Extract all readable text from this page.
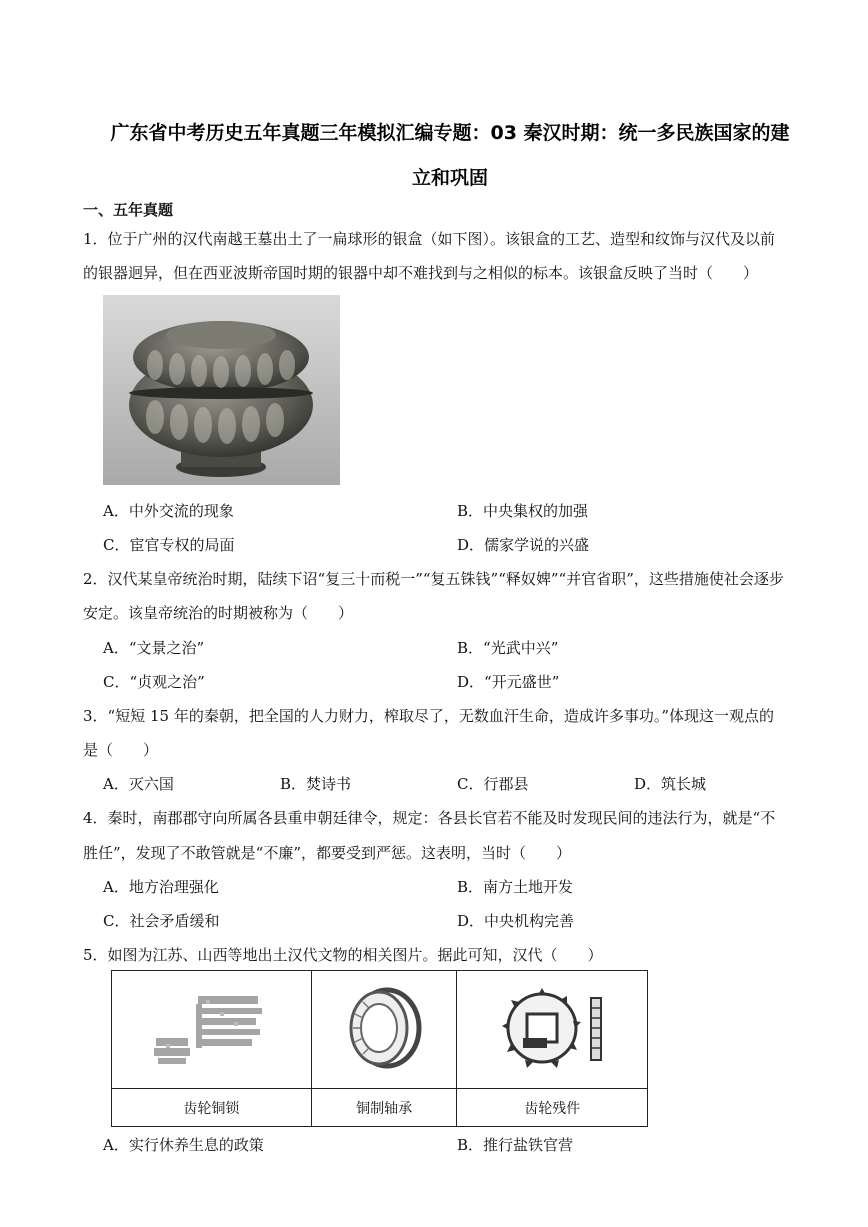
广东省中考历史五年真题三年模拟汇编专题：03 秦汉时期：统一多民族国家的建
立和巩固
一、五年真题
1．位于广州的汉代南越王墓出土了一扁球形的银盒（如下图）。该银盒的工艺、造型和纹饰与汉代及以前
的银器迥异，但在西亚波斯帝国时期的银器中却不难找到与之相似的标本。该银盒反映了当时（　　）
A．中外交流的现象	B．中央集权的加强
C．宦官专权的局面	D．儒家学说的兴盛
2．汉代某皇帝统治时期，陆续下诏“复三十而税一”“复五铢钱”“释奴婢”“并官省职”，这些措施使社会逐步
安定。该皇帝统治的时期被称为（　　）
A．“文景之治”	B．“光武中兴”
C．“贞观之治”	D．“开元盛世”
3．“短短 15 年的秦朝，把全国的人力财力，榨取尽了，无数血汗生命，造成许多事功。”体现这一观点的
是（　　）
A．灭六国	B．焚诗书	C．行郡县	D．筑长城
4．秦时，南郡郡守向所属各县重申朝廷律令，规定：各县长官若不能及时发现民间的违法行为，就是“不
胜任”，发现了不敢管就是“不廉”，都要受到严惩。这表明，当时（　　）
A．地方治理强化	B．南方土地开发
C．社会矛盾缓和	D．中央机构完善
5．如图为江苏、山西等地出土汉代文物的相关图片。据此可知，汉代（　　）

齿轮铜锁	铜制轴承	齿轮残件
A．实行休养生息的政策	B．推行盐铁官营
